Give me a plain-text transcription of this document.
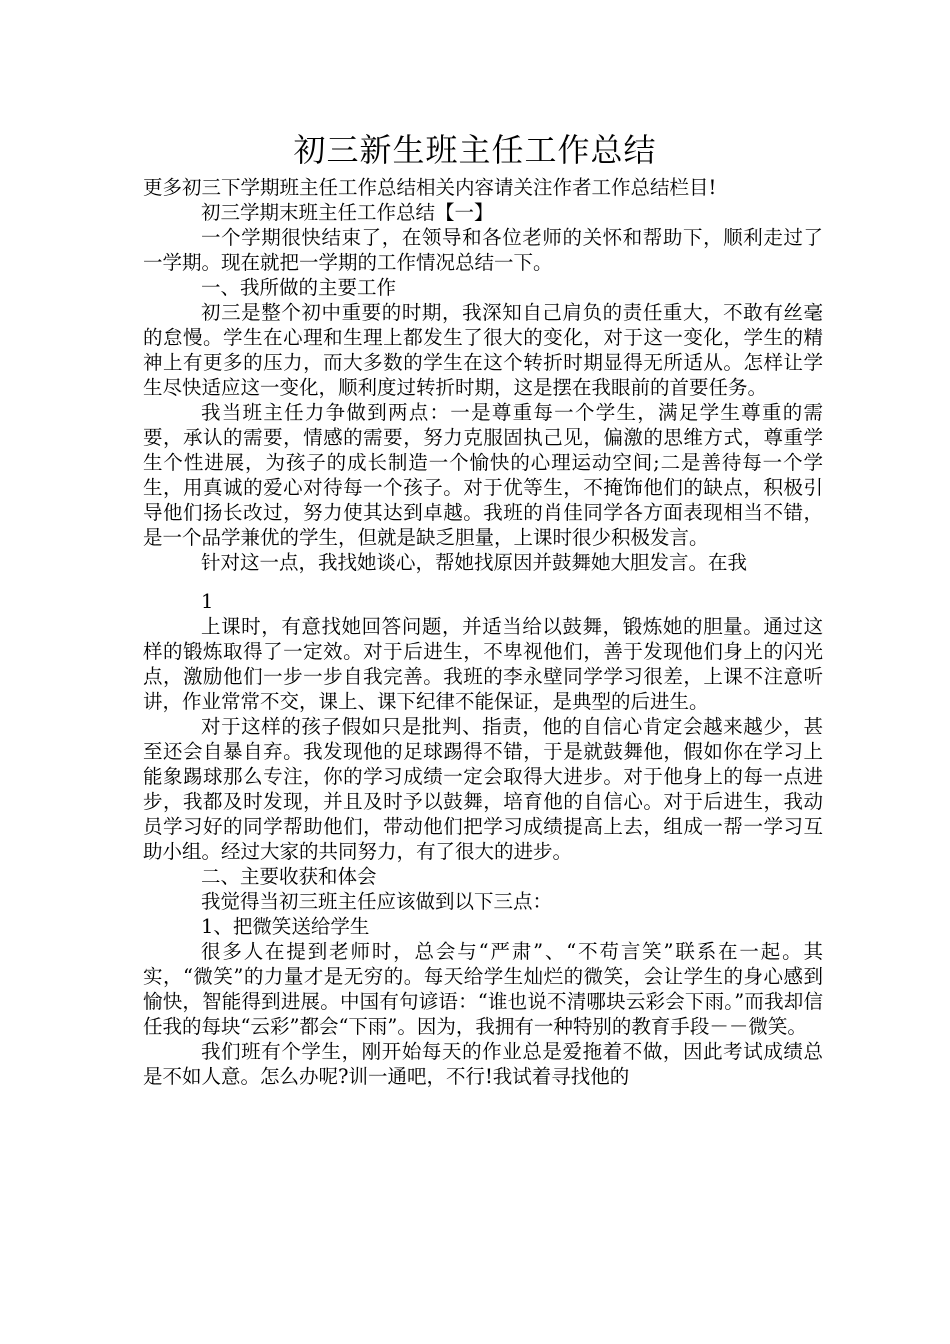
初三新生班主任工作总结

更多初三下学期班主任工作总结相关内容请关注作者工作总结栏目!

初三学期末班主任工作总结【一】

一个学期很快结束了，在领导和各位老师的关怀和帮助下，顺利走过了一学期。现在就把一学期的工作情况总结一下。

一、我所做的主要工作

初三是整个初中重要的时期，我深知自己肩负的责任重大，不敢有丝毫的怠慢。学生在心理和生理上都发生了很大的变化，对于这一变化，学生的精神上有更多的压力，而大多数的学生在这个转折时期显得无所适从。怎样让学生尽快适应这一变化，顺利度过转折时期，这是摆在我眼前的首要任务。

我当班主任力争做到两点：一是尊重每一个学生，满足学生尊重的需要，承认的需要，情感的需要，努力克服固执己见，偏激的思维方式，尊重学生个性进展，为孩子的成长制造一个愉快的心理运动空间;二是善待每一个学生，用真诚的爱心对待每一个孩子。对于优等生，不掩饰他们的缺点，积极引导他们扬长改过，努力使其达到卓越。我班的肖佳同学各方面表现相当不错，是一个品学兼优的学生，但就是缺乏胆量，上课时很少积极发言。

针对这一点，我找她谈心，帮她找原因并鼓舞她大胆发言。在我

1

上课时，有意找她回答问题，并适当给以鼓舞，锻炼她的胆量。通过这样的锻炼取得了一定效。对于后进生，不卑视他们，善于发现他们身上的闪光点，激励他们一步一步自我完善。我班的李永壁同学学习很差，上课不注意听讲，作业常常不交，课上、课下纪律不能保证，是典型的后进生。

对于这样的孩子假如只是批判、指责，他的自信心肯定会越来越少，甚至还会自暴自弃。我发现他的足球踢得不错，于是就鼓舞他，假如你在学习上能象踢球那么专注，你的学习成绩一定会取得大进步。对于他身上的每一点进步，我都及时发现，并且及时予以鼓舞，培育他的自信心。对于后进生，我动员学习好的同学帮助他们，带动他们把学习成绩提高上去，组成一帮一学习互助小组。经过大家的共同努力，有了很大的进步。

二、主要收获和体会

我觉得当初三班主任应该做到以下三点：

1、把微笑送给学生

很多人在提到老师时，总会与“严肃”、“不苟言笑”联系在一起。其实，“微笑”的力量才是无穷的。每天给学生灿烂的微笑，会让学生的身心感到愉快，智能得到进展。中国有句谚语：“谁也说不清哪块云彩会下雨。”而我却信任我的每块“云彩”都会“下雨”。因为，我拥有一种特别的教育手段－－微笑。

我们班有个学生，刚开始每天的作业总是爱拖着不做，因此考试成绩总是不如人意。怎么办呢?训一通吧，不行!我试着寻找他的
